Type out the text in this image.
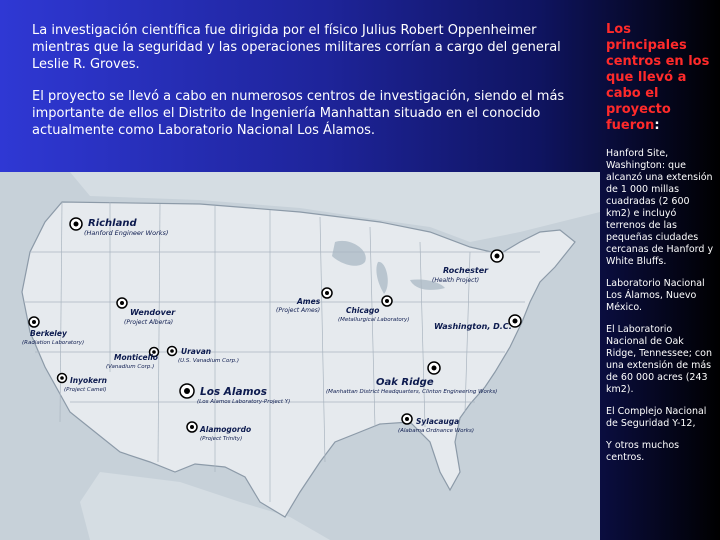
La investigación científica fue dirigida por el físico Julius Robert Oppenheimer mientras que la seguridad y las operaciones militares corrían a cargo del general Leslie R. Groves.

El proyecto se llevó a cabo en numerosos centros de investigación, siendo el más importante de ellos el Distrito de Ingeniería Manhattan situado en el conocido actualmente como Laboratorio Nacional Los Álamos.

Richland
(Hanford Engineer Works)
Rochester
(Health Project)
Ames
(Project Ames)	Chicago
(Metallurgical Laboratory)
Washington, D.C.
Wendover
(Project Alberta)
Berkeley
(Radiation Laboratory)
Monticello
(Vanadium Corp.)
Uravan
(U.S. Vanadium Corp.)
Inyokern
(Project Camel)	Los Alamos
(Los Alamos Laboratory-Project Y)
Oak Ridge
(Manhattan District Headquarters, Clinton Engineering Works)
Sylacauga
(Alabama Ordnance Works)
Alamogordo
(Project Trinity)
Los principales centros en los que llevó a cabo el proyecto fueron:

Hanford Site, Washington: que alcanzó una extensión de 1 000 millas cuadradas (2 600 km2) e incluyó terrenos de las pequeñas ciudades cercanas de Hanford y White Bluffs.

Laboratorio Nacional Los Álamos, Nuevo México.

El Laboratorio Nacional de Oak Ridge, Tennessee; con una extensión de más de 60 000 acres (243 km2).

El Complejo Nacional de Seguridad Y-12,

Y otros muchos centros.
